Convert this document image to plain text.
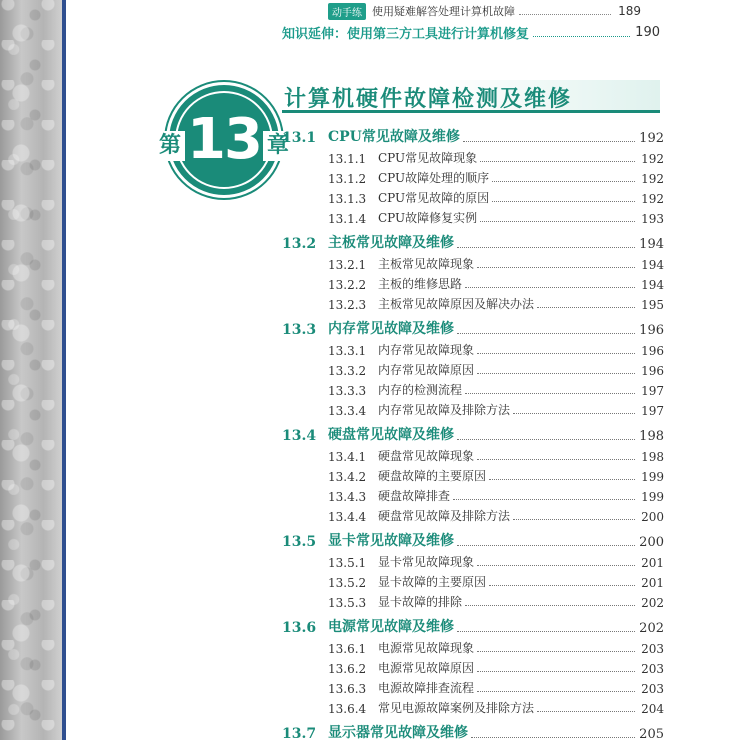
动手练 使用疑难解答处理计算机故障	189
知识延伸：使用第三方工具进行计算机修复	190
13
第	章
计算机硬件故障检测及维修
13.1 CPU常见故障及维修	192
13.1.1 CPU常见故障现象	192
13.1.2 CPU故障处理的顺序	192
13.1.3 CPU常见故障的原因	192
13.1.4 CPU故障修复实例	193
13.2 主板常见故障及维修	194
13.2.1 主板常见故障现象	194
13.2.2 主板的维修思路	194
13.2.3 主板常见故障原因及解决办法	195
13.3 内存常见故障及维修	196
13.3.1 内存常见故障现象	196
13.3.2 内存常见故障原因	196
13.3.3 内存的检测流程	197
13.3.4 内存常见故障及排除方法	197
13.4 硬盘常见故障及维修	198
13.4.1 硬盘常见故障现象	198
13.4.2 硬盘故障的主要原因	199
13.4.3 硬盘故障排查	199
13.4.4 硬盘常见故障及排除方法	200
13.5 显卡常见故障及维修	200
13.5.1 显卡常见故障现象	201
13.5.2 显卡故障的主要原因	201
13.5.3 显卡故障的排除	202
13.6 电源常见故障及维修	202
13.6.1 电源常见故障现象	203
13.6.2 电源常见故障原因	203
13.6.3 电源故障排查流程	203
13.6.4 常见电源故障案例及排除方法	204
13.7 显示器常见故障及维修	205
